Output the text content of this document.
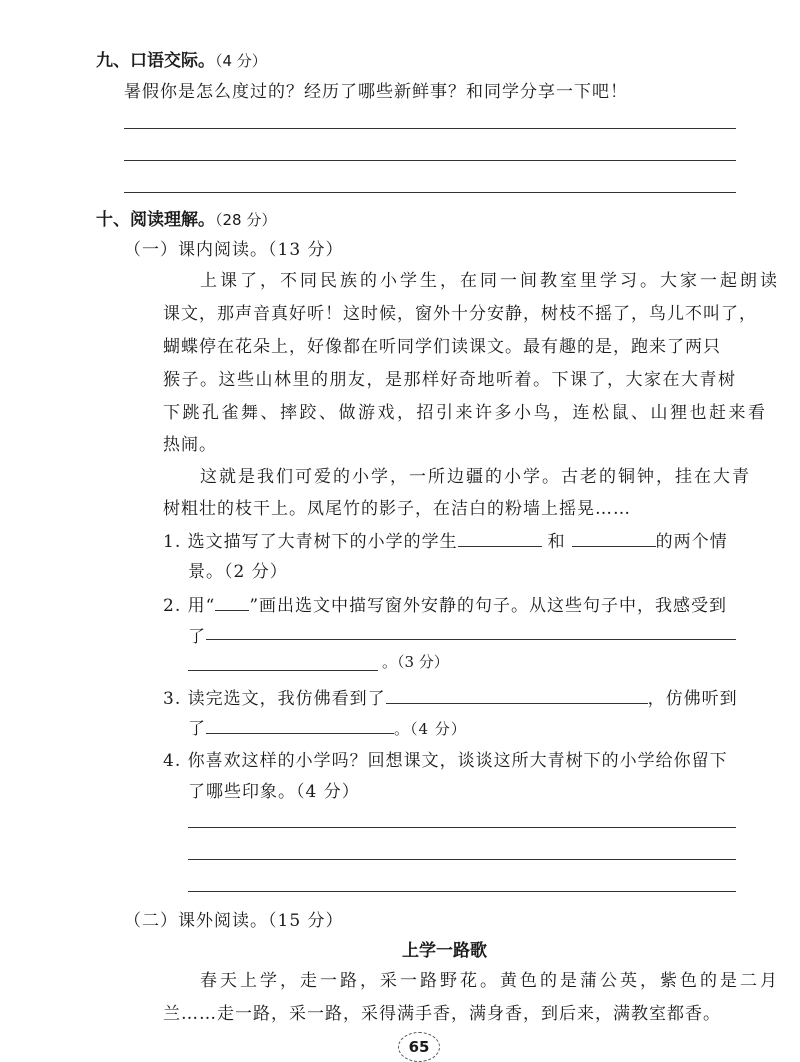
九、口语交际。（4 分）
暑假你是怎么度过的？经历了哪些新鲜事？和同学分享一下吧！
十、阅读理解。（28 分）
（一）课内阅读。（13 分）
上课了，不同民族的小学生，在同一间教室里学习。大家一起朗读
课文，那声音真好听！这时候，窗外十分安静，树枝不摇了，鸟儿不叫了，
蝴蝶停在花朵上，好像都在听同学们读课文。最有趣的是，跑来了两只
猴子。这些山林里的朋友，是那样好奇地听着。下课了，大家在大青树
下跳孔雀舞、摔跤、做游戏，招引来许多小鸟，连松鼠、山狸也赶来看
热闹。
这就是我们可爱的小学，一所边疆的小学。古老的铜钟，挂在大青
树粗壮的枝干上。凤尾竹的影子，在洁白的粉墙上摇晃……
1. 选文描写了大青树下的小学的学生	和	的两个情
景。（2 分）
2. 用“ ”画出选文中描写窗外安静的句子。从这些句子中，我感受到
了
。（3 分）
3. 读完选文，我仿佛看到了	，仿佛听到
了	。（4 分）
4. 你喜欢这样的小学吗？回想课文，谈谈这所大青树下的小学给你留下
了哪些印象。（4 分）
（二）课外阅读。（15 分）
上学一路歌
春天上学，走一路，采一路野花。黄色的是蒲公英，紫色的是二月
兰……走一路，采一路，采得满手香，满身香，到后来，满教室都香。
65
